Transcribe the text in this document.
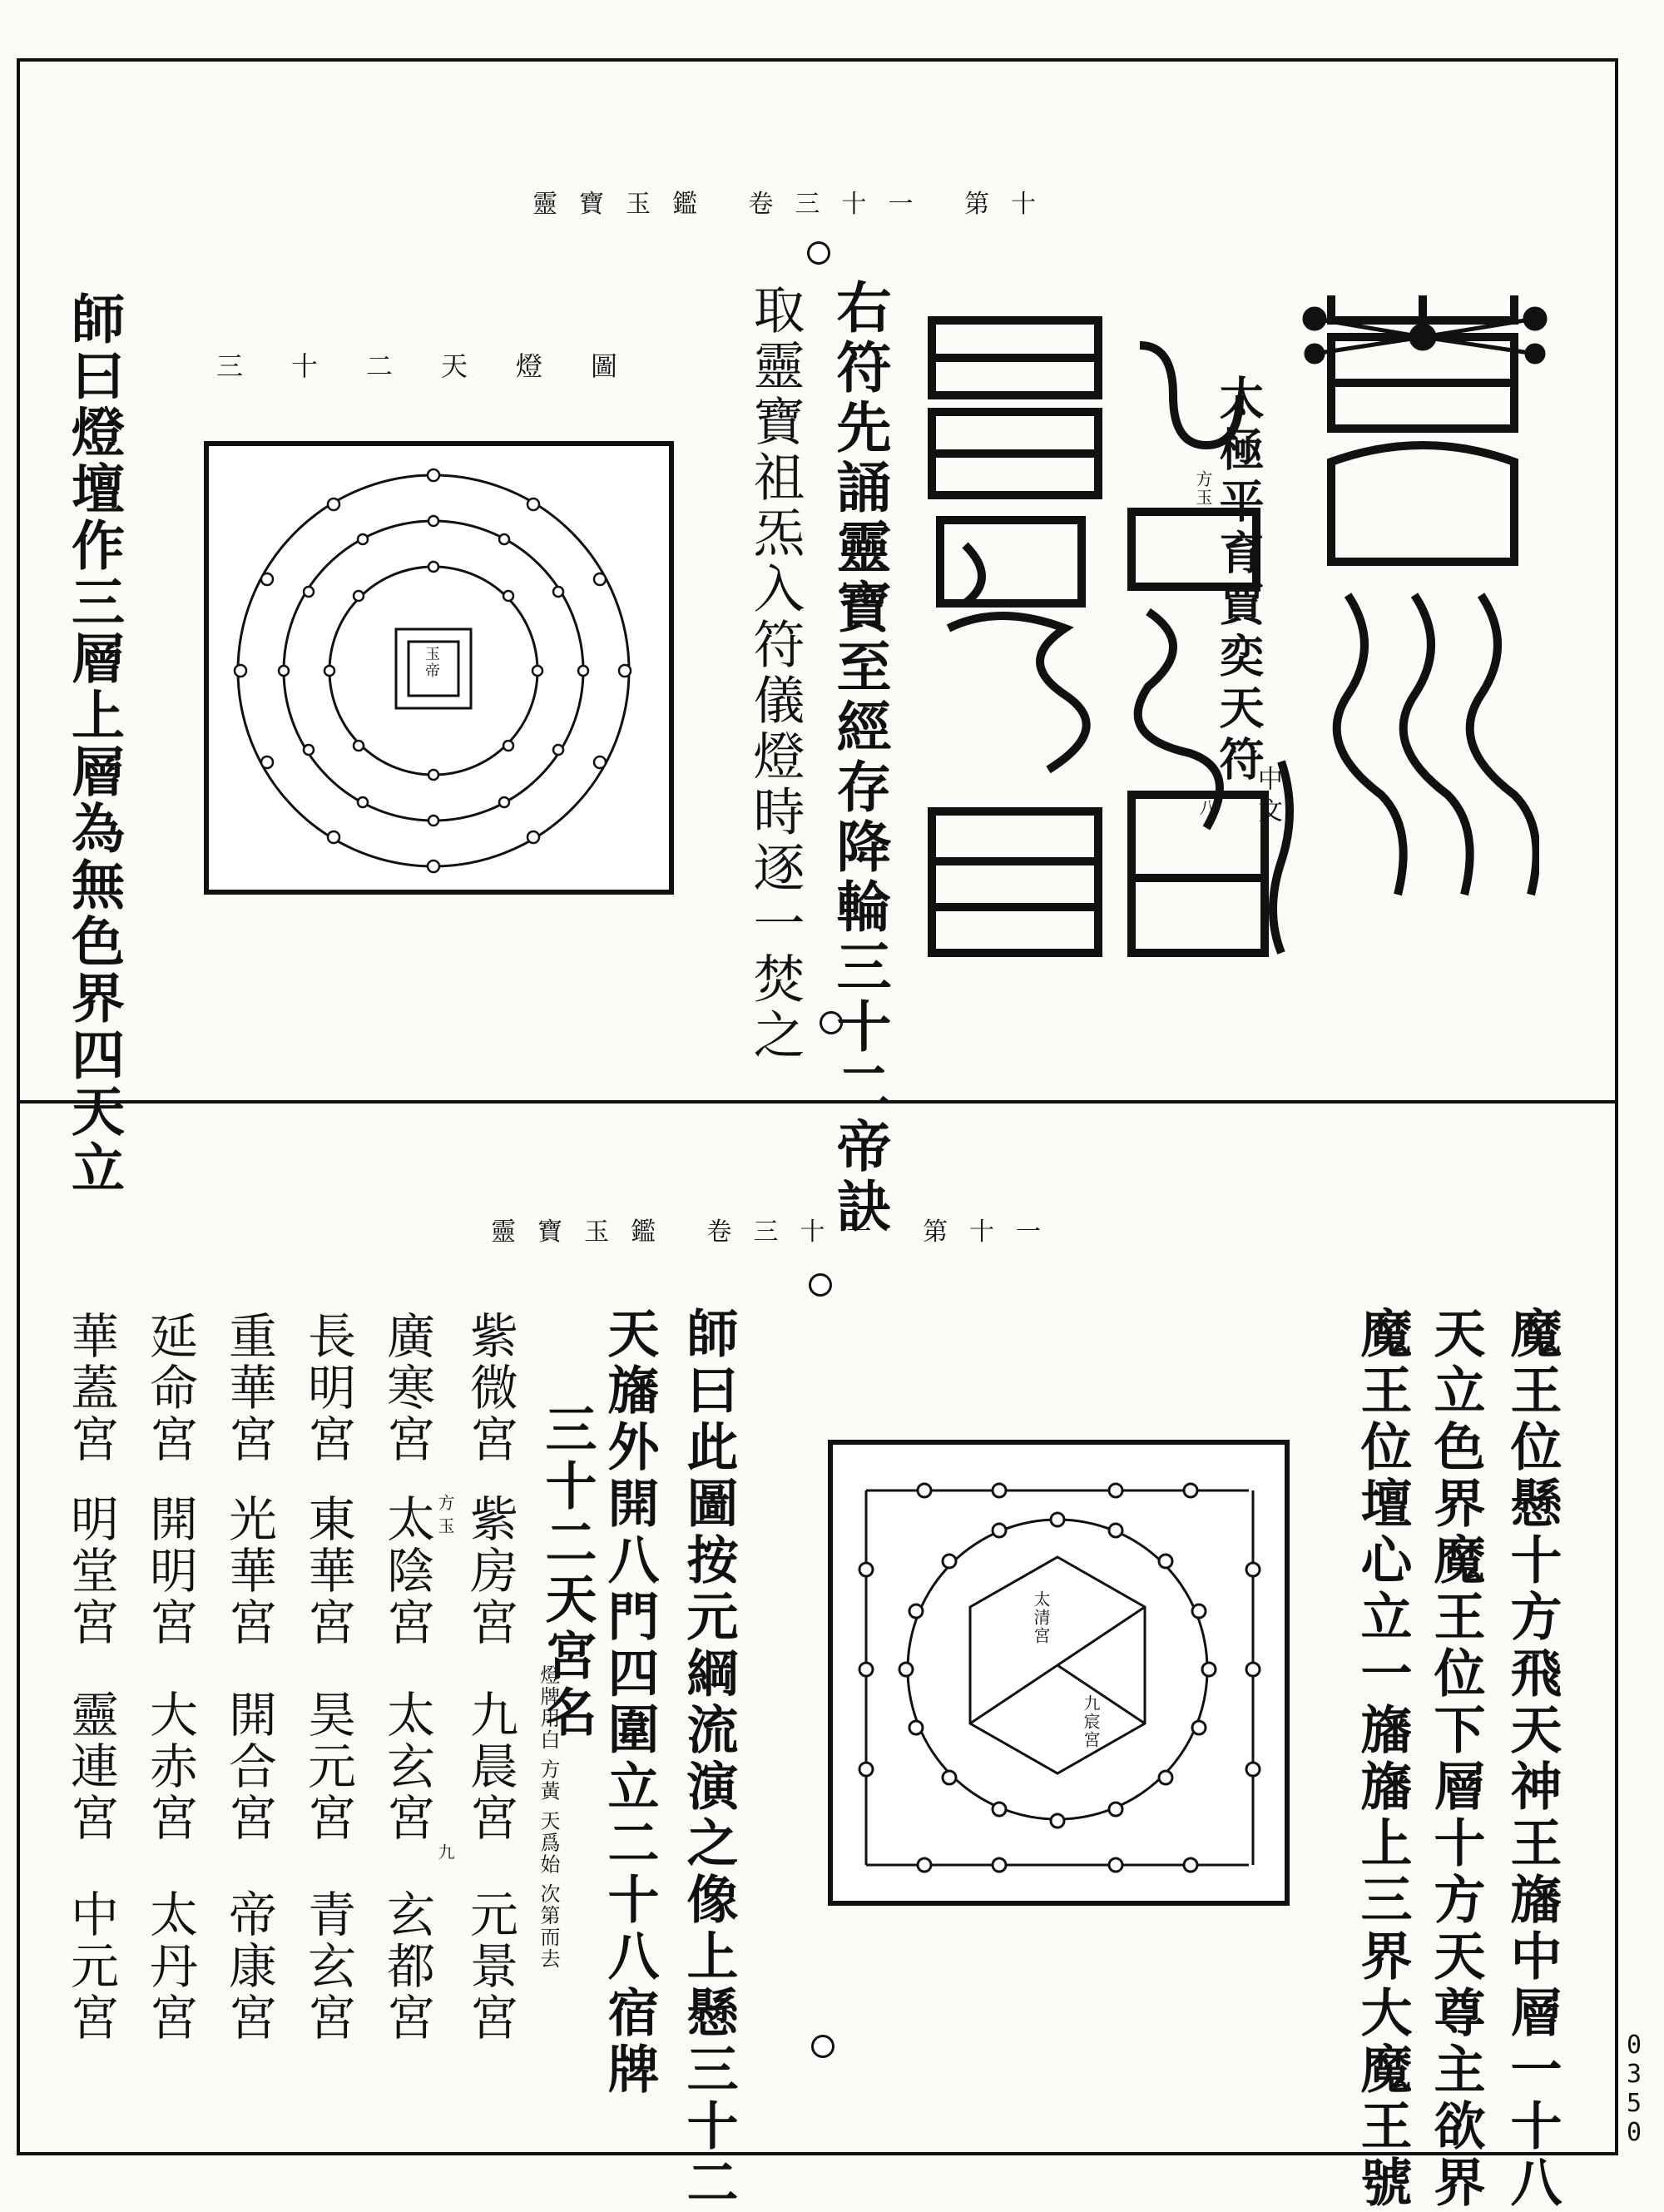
靈寶玉鑑 卷三十一 第十
太極平育賈奕天符
方玉
中文
八
右符先誦靈寶至經存降輪三十二帝訣
取靈寶祖炁入符儀燈時逐一焚之
三十二天燈圖
玉帝
師曰燈壇作三層上層為無色界四天立
靈寶玉鑑 卷三十一 第十一
魔王位懸十方飛天神王旛中層一十八
天立色界魔王位下層十方天尊主欲界
魔王位壇心立一旛旛上三界大魔王號
太清宮
九宸宮
師曰此圖按元綱流演之像上懸三十二
天旛外開八門四圍立二十八宿牌
三十二天宮名
燈牌用白 方黃 天爲始 次第而去
方玉
九
紫微宮
紫房宮
九晨宮
元景宮
廣寒宮
太陰宮
太玄宮
玄都宮
長明宮
東華宮
昊元宮
青玄宮
重華宮
光華宮
開合宮
帝康宮
延命宮
開明宮
大赤宮
太丹宮
華蓋宮
明堂宮
靈連宮
中元宮
0350
